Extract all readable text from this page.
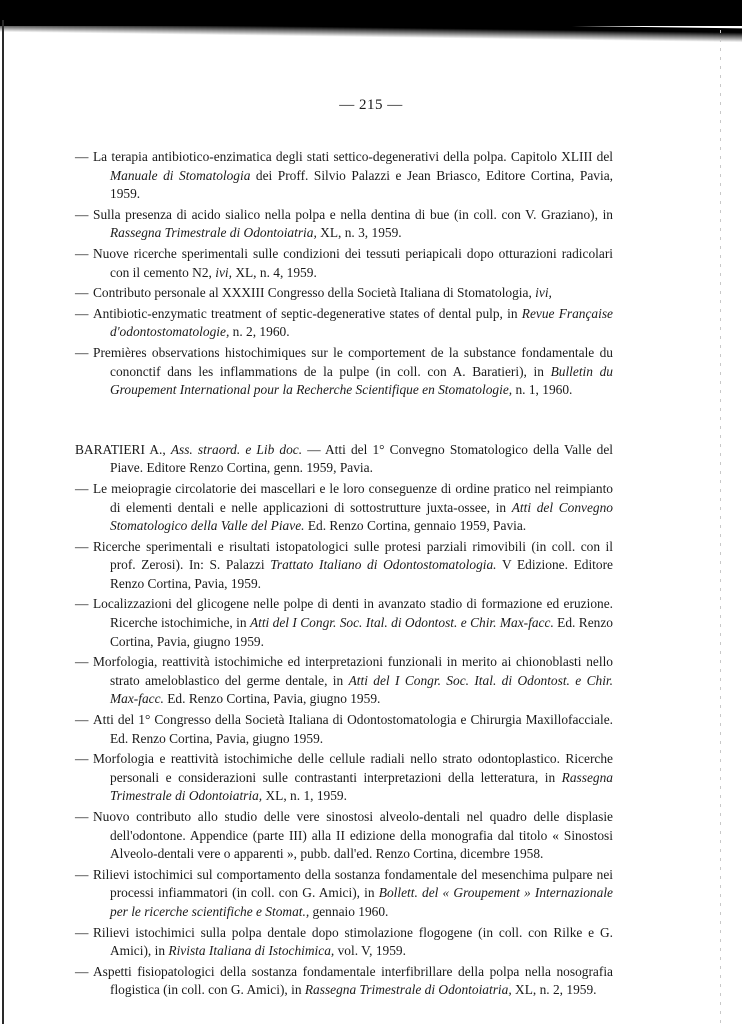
— 215 —

— La terapia antibiotico-enzimatica degli stati settico-degenerativi della polpa. Capitolo XLIII del Manuale di Stomatologia dei Proff. Silvio Palazzi e Jean Briasco, Editore Cortina, Pavia, 1959.

— Sulla presenza di acido sialico nella polpa e nella dentina di bue (in coll. con V. Graziano), in Rassegna Trimestrale di Odontoiatria, XL, n. 3, 1959.

— Nuove ricerche sperimentali sulle condizioni dei tessuti periapicali dopo otturazioni radicolari con il cemento N2, ivi, XL, n. 4, 1959.

— Contributo personale al XXXIII Congresso della Società Italiana di Stomatologia, ivi,

— Antibiotic-enzymatic treatment of septic-degenerative states of dental pulp, in Revue Française d'odontostomatologie, n. 2, 1960.

— Premières observations histochimiques sur le comportement de la substance fondamentale du cononctif dans les inflammations de la pulpe (in coll. con A. Baratieri), in Bulletin du Groupement International pour la Recherche Scientifique en Stomatologie, n. 1, 1960.

BARATIERI A., Ass. straord. e Lib doc. — Atti del 1° Convegno Stomatologico della Valle del Piave. Editore Renzo Cortina, genn. 1959, Pavia.

— Le meiopragie circolatorie dei mascellari e le loro conseguenze di ordine pratico nel reimpianto di elementi dentali e nelle applicazioni di sottostrutture juxta-ossee, in Atti del Convegno Stomatologico della Valle del Piave. Ed. Renzo Cortina, gennaio 1959, Pavia.

— Ricerche sperimentali e risultati istopatologici sulle protesi parziali rimovibili (in coll. con il prof. Zerosi). In: S. Palazzi Trattato Italiano di Odontostomatologia. V Edizione. Editore Renzo Cortina, Pavia, 1959.

— Localizzazioni del glicogene nelle polpe di denti in avanzato stadio di formazione ed eruzione. Ricerche istochimiche, in Atti del I Congr. Soc. Ital. di Odontost. e Chir. Max-facc. Ed. Renzo Cortina, Pavia, giugno 1959.

— Morfologia, reattività istochimiche ed interpretazioni funzionali in merito ai chionoblasti nello strato ameloblastico del germe dentale, in Atti del I Congr. Soc. Ital. di Odontost. e Chir. Max-facc. Ed. Renzo Cortina, Pavia, giugno 1959.

— Atti del 1° Congresso della Società Italiana di Odontostomatologia e Chirurgia Maxillofacciale. Ed. Renzo Cortina, Pavia, giugno 1959.

— Morfologia e reattività istochimiche delle cellule radiali nello strato odontoplastico. Ricerche personali e considerazioni sulle contrastanti interpretazioni della letteratura, in Rassegna Trimestrale di Odontoiatria, XL, n. 1, 1959.

— Nuovo contributo allo studio delle vere sinostosi alveolo-dentali nel quadro delle displasie dell'odontone. Appendice (parte III) alla II edizione della monografia dal titolo « Sinostosi Alveolo-dentali vere o apparenti », pubb. dall'ed. Renzo Cortina, dicembre 1958.

— Rilievi istochimici sul comportamento della sostanza fondamentale del mesenchima pulpare nei processi infiammatori (in coll. con G. Amici), in Bollett. del « Groupement » Internazionale per le ricerche scientifiche e Stomat., gennaio 1960.

— Rilievi istochimici sulla polpa dentale dopo stimolazione flogogene (in coll. con Rilke e G. Amici), in Rivista Italiana di Istochimica, vol. V, 1959.

— Aspetti fisiopatologici della sostanza fondamentale interfibrillare della polpa nella nosografia flogistica (in coll. con G. Amici), in Rassegna Trimestrale di Odontoiatria, XL, n. 2, 1959.
